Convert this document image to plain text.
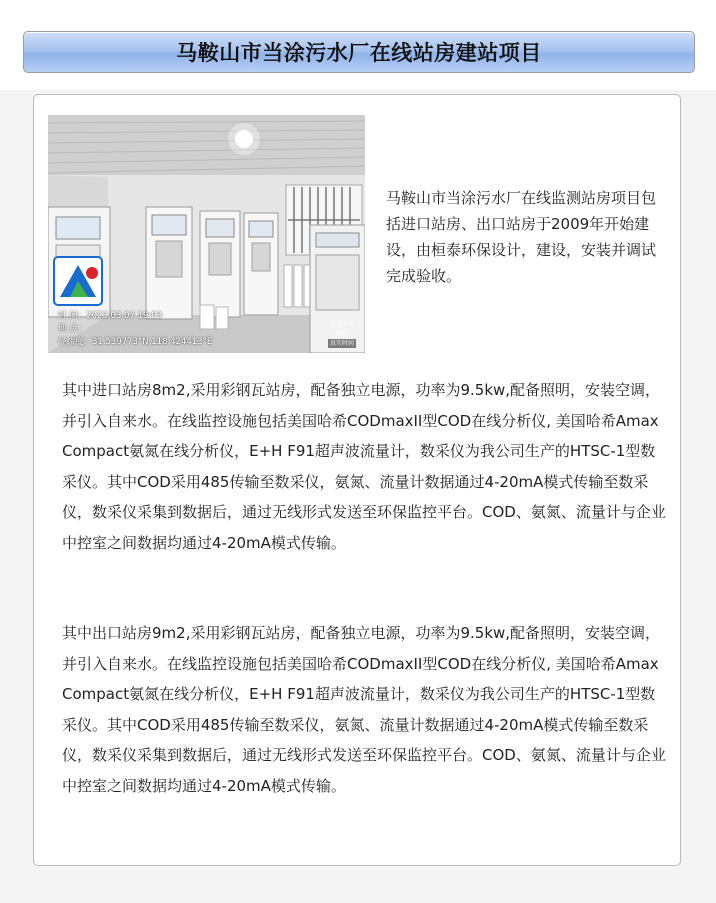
马鞍山市当涂污水厂在线站房建站项目
时 间：2023.03.07 19:03
地 点：
经纬度：31.539773°N,118.424413°E
今日水印
相机
真实时间
马鞍山市当涂污水厂在线监测站房项目包括进口站房、出口站房于2009年开始建设，由桓泰环保设计，建设，安装并调试完成验收。

其中进口站房8m2,采用彩钢瓦站房，配备独立电源，功率为9.5kw,配备照明，安装空调，并引入自来水。在线监控设施包括美国哈希CODmaxII型COD在线分析仪, 美国哈希Amax Compact氨氮在线分析仪，E+H F91超声波流量计，数采仪为我公司生产的HTSC-1型数采仪。其中COD采用485传输至数采仪，氨氮、流量计数据通过4-20mA模式传输至数采仪，数采仪采集到数据后，通过无线形式发送至环保监控平台。COD、氨氮、流量计与企业中控室之间数据均通过4-20mA模式传输。

其中出口站房9m2,采用彩钢瓦站房，配备独立电源，功率为9.5kw,配备照明，安装空调，并引入自来水。在线监控设施包括美国哈希CODmaxII型COD在线分析仪, 美国哈希Amax Compact氨氮在线分析仪，E+H F91超声波流量计，数采仪为我公司生产的HTSC-1型数采仪。其中COD采用485传输至数采仪，氨氮、流量计数据通过4-20mA模式传输至数采仪，数采仪采集到数据后，通过无线形式发送至环保监控平台。COD、氨氮、流量计与企业中控室之间数据均通过4-20mA模式传输。
